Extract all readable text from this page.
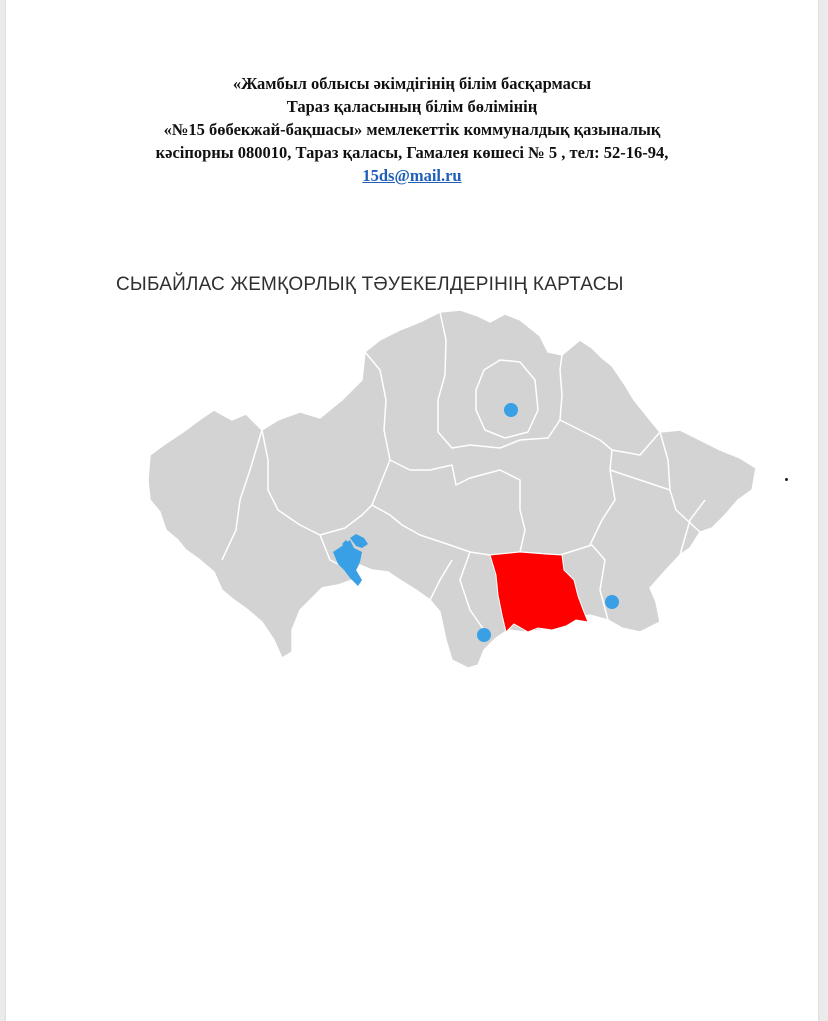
«Жамбыл облысы әкімдігінің білім басқармасы
Тараз қаласының білім бөлімінің
«№15 бөбекжай-бақшасы» мемлекеттік коммуналдық қазыналық
кәсіпорны 080010, Тараз қаласы, Гамалея көшесі № 5 , тел: 52-16-94,
15ds@mail.ru
СЫБАЙЛАС ЖЕМҚОРЛЫҚ ТӘУЕКЕЛДЕРІНІҢ КАРТАСЫ
